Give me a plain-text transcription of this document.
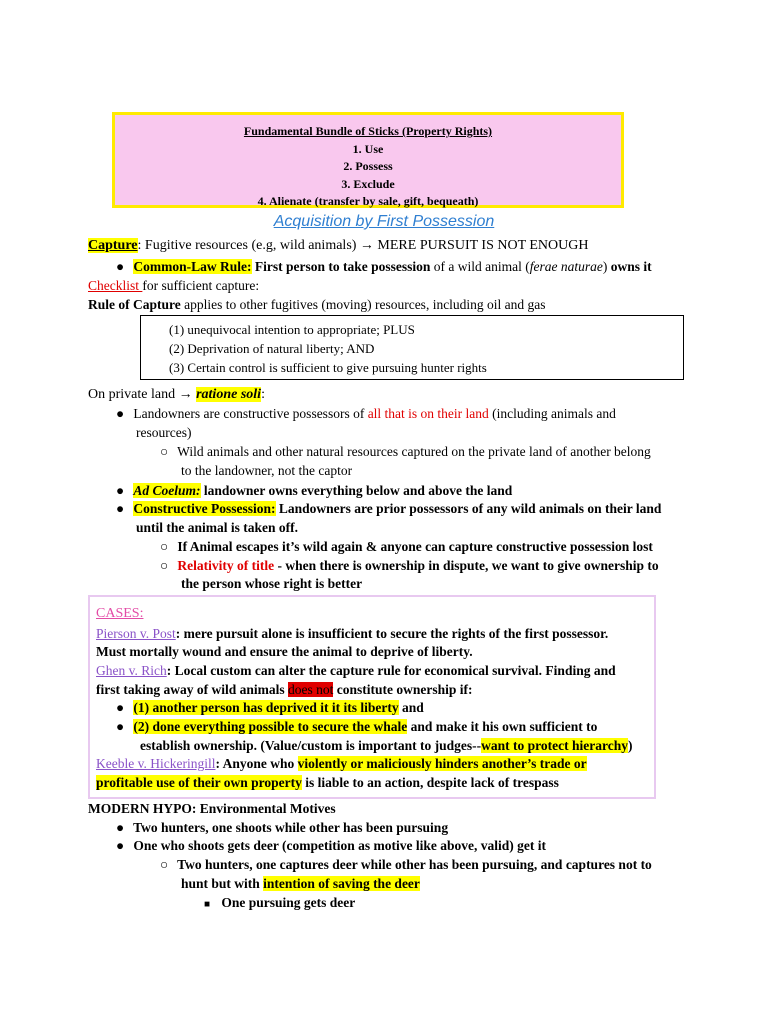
Fundamental Bundle of Sticks (Property Rights)
1. Use
2. Possess
3. Exclude
4. Alienate (transfer by sale, gift, bequeath)
Acquisition by First Possession
Capture: Fugitive resources (e.g, wild animals) → MERE PURSUIT IS NOT ENOUGH
● Common-Law Rule: First person to take possession of a wild animal (ferae naturae) owns it
Checklist for sufficient capture:
Rule of Capture applies to other fugitives (moving) resources, including oil and gas
(1) unequivocal intention to appropriate; PLUS
(2) Deprivation of natural liberty; AND
(3) Certain control is sufficient to give pursuing hunter rights
On private land → ratione soli:
● Landowners are constructive possessors of all that is on their land (including animals and
resources)
○ Wild animals and other natural resources captured on the private land of another belong
to the landowner, not the captor
● Ad Coelum: landowner owns everything below and above the land
● Constructive Possession: Landowners are prior possessors of any wild animals on their land
until the animal is taken off.
○ If Animal escapes it’s wild again & anyone can capture constructive possession lost
○ Relativity of title - when there is ownership in dispute, we want to give ownership to
the person whose right is better
CASES:
Pierson v. Post: mere pursuit alone is insufficient to secure the rights of the first possessor.
Must mortally wound and ensure the animal to deprive of liberty.
Ghen v. Rich: Local custom can alter the capture rule for economical survival. Finding and
first taking away of wild animals does not constitute ownership if:
● (1) another person has deprived it it its liberty and
● (2) done everything possible to secure the whale and make it his own sufficient to
establish ownership. (Value/custom is important to judges--want to protect hierarchy)
Keeble v. Hickeringill: Anyone who violently or maliciously hinders another’s trade or
profitable use of their own property is liable to an action, despite lack of trespass
MODERN HYPO: Environmental Motives
● Two hunters, one shoots while other has been pursuing
● One who shoots gets deer (competition as motive like above, valid) get it
○ Two hunters, one captures deer while other has been pursuing, and captures not to
hunt but with intention of saving the deer
■ One pursuing gets deer
